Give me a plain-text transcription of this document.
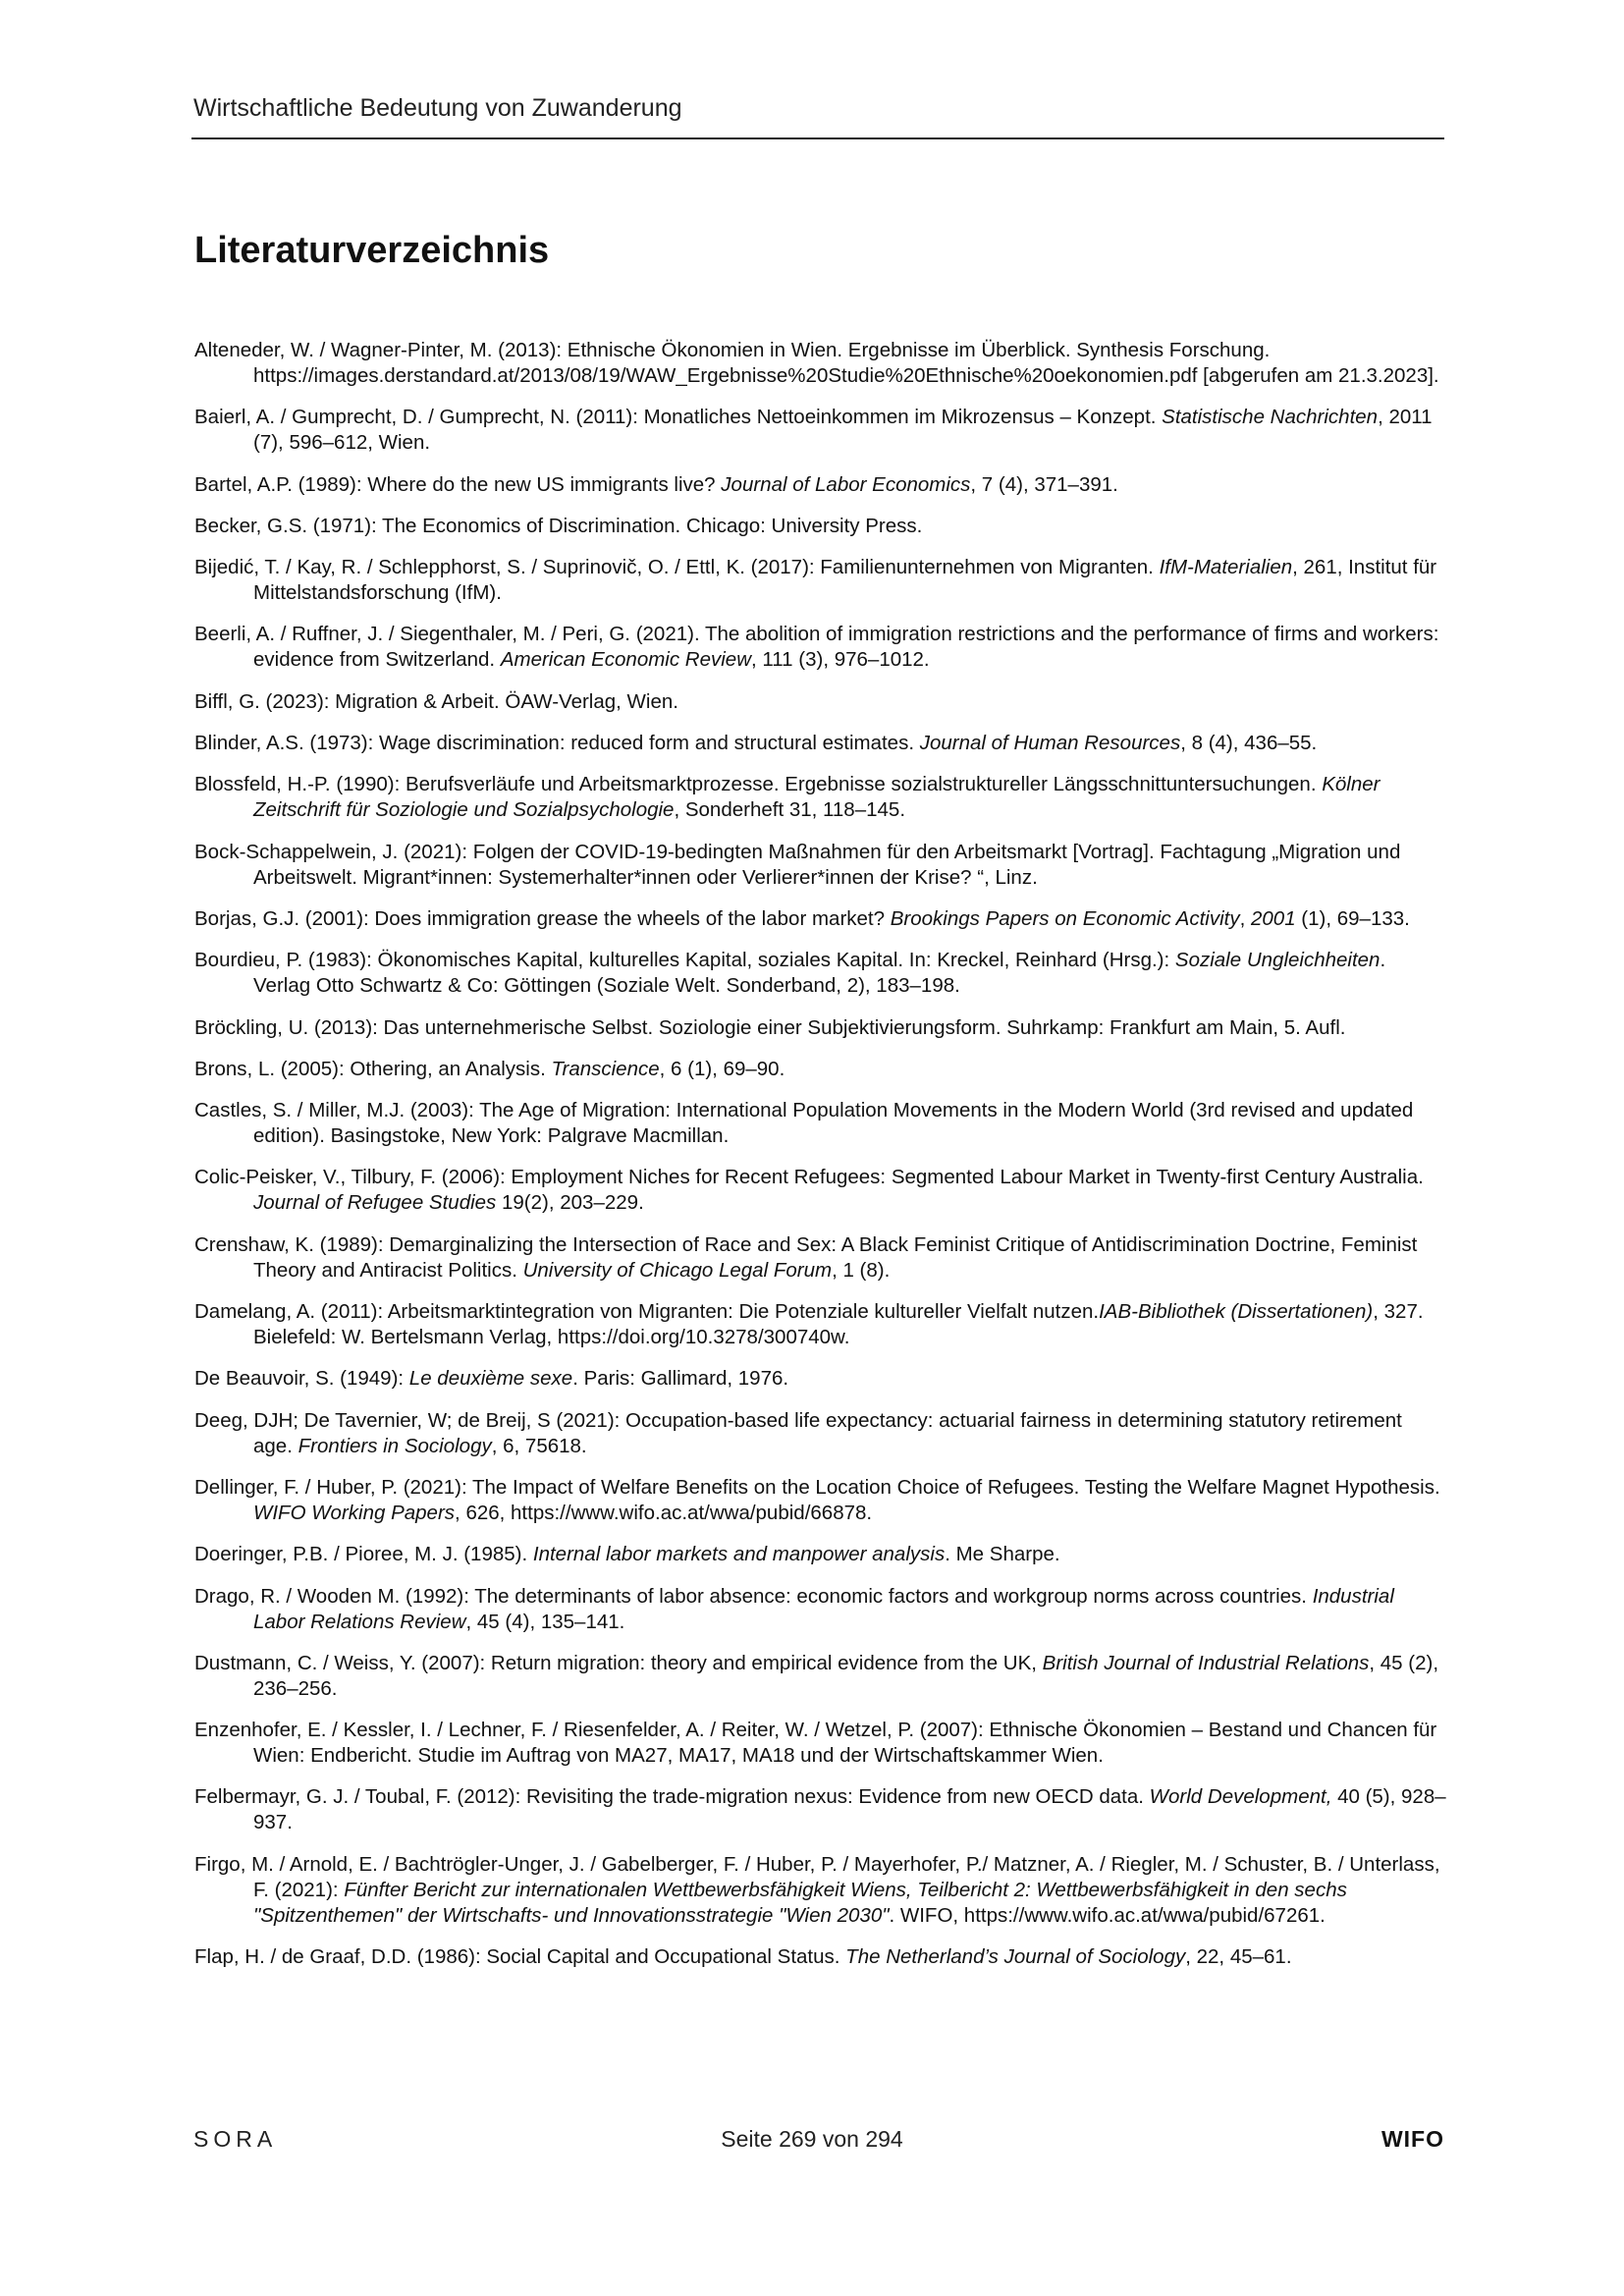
Wirtschaftliche Bedeutung von Zuwanderung
Literaturverzeichnis
Alteneder, W. / Wagner-Pinter, M. (2013): Ethnische Ökonomien in Wien. Ergebnisse im Überblick. Synthesis Forschung. https://images.derstandard.at/2013/08/19/WAW_Ergebnisse%20Studie%20Ethnische%20oekonomien.pdf [abgerufen am 21.3.2023].
Baierl, A. / Gumprecht, D. / Gumprecht, N. (2011): Monatliches Nettoeinkommen im Mikrozensus – Konzept. Statistische Nachrichten, 2011 (7), 596–612, Wien.
Bartel, A.P. (1989): Where do the new US immigrants live? Journal of Labor Economics, 7 (4), 371–391.
Becker, G.S. (1971): The Economics of Discrimination. Chicago: University Press.
Bijedić, T. / Kay, R. / Schlepphorst, S. / Suprinovič, O. / Ettl, K. (2017): Familienunternehmen von Migranten. IfM-Materialien, 261, Institut für Mittelstandsforschung (IfM).
Beerli, A. / Ruffner, J. / Siegenthaler, M. / Peri, G. (2021). The abolition of immigration restrictions and the performance of firms and workers: evidence from Switzerland. American Economic Review, 111 (3), 976–1012.
Biffl, G. (2023): Migration & Arbeit. ÖAW-Verlag, Wien.
Blinder, A.S. (1973): Wage discrimination: reduced form and structural estimates. Journal of Human Resources, 8 (4), 436–55.
Blossfeld, H.-P. (1990): Berufsverläufe und Arbeitsmarktprozesse. Ergebnisse sozialstruktureller Längsschnittuntersuchungen. Kölner Zeitschrift für Soziologie und Sozialpsychologie, Sonderheft 31, 118–145.
Bock-Schappelwein, J. (2021): Folgen der COVID-19-bedingten Maßnahmen für den Arbeitsmarkt [Vortrag]. Fachtagung „Migration und Arbeitswelt. Migrant*innen: Systemerhalter*innen oder Verlierer*innen der Krise? “, Linz.
Borjas, G.J. (2001): Does immigration grease the wheels of the labor market? Brookings Papers on Economic Activity, 2001 (1), 69–133.
Bourdieu, P. (1983): Ökonomisches Kapital, kulturelles Kapital, soziales Kapital. In: Kreckel, Reinhard (Hrsg.): Soziale Ungleichheiten. Verlag Otto Schwartz & Co: Göttingen (Soziale Welt. Sonderband, 2), 183–198.
Bröckling, U. (2013): Das unternehmerische Selbst. Soziologie einer Subjektivierungsform. Suhrkamp: Frankfurt am Main, 5. Aufl.
Brons, L. (2005): Othering, an Analysis. Transcience, 6 (1), 69–90.
Castles, S. / Miller, M.J. (2003): The Age of Migration: International Population Movements in the Modern World (3rd revised and updated edition). Basingstoke, New York: Palgrave Macmillan.
Colic-Peisker, V., Tilbury, F. (2006): Employment Niches for Recent Refugees: Segmented Labour Market in Twenty-first Century Australia. Journal of Refugee Studies 19(2), 203–229.
Crenshaw, K. (1989): Demarginalizing the Intersection of Race and Sex: A Black Feminist Critique of Antidiscrimination Doctrine, Feminist Theory and Antiracist Politics. University of Chicago Legal Forum, 1 (8).
Damelang, A. (2011): Arbeitsmarktintegration von Migranten: Die Potenziale kultureller Vielfalt nutzen.IAB-Bibliothek (Dissertationen), 327. Bielefeld: W. Bertelsmann Verlag, https://doi.org/10.3278/300740w.
De Beauvoir, S. (1949): Le deuxième sexe. Paris: Gallimard, 1976.
Deeg, DJH; De Tavernier, W; de Breij, S (2021): Occupation-based life expectancy: actuarial fairness in determining statutory retirement age. Frontiers in Sociology, 6, 75618.
Dellinger, F. / Huber, P. (2021): The Impact of Welfare Benefits on the Location Choice of Refugees. Testing the Welfare Magnet Hypothesis. WIFO Working Papers, 626, https://www.wifo.ac.at/wwa/pubid/66878.
Doeringer, P.B. / Pioree, M. J. (1985). Internal labor markets and manpower analysis. Me Sharpe.
Drago, R. / Wooden M. (1992): The determinants of labor absence: economic factors and workgroup norms across countries. Industrial Labor Relations Review, 45 (4), 135–141.
Dustmann, C. / Weiss, Y. (2007): Return migration: theory and empirical evidence from the UK, British Journal of Industrial Relations, 45 (2), 236–256.
Enzenhofer, E. / Kessler, I. / Lechner, F. / Riesenfelder, A. / Reiter, W. / Wetzel, P. (2007): Ethnische Ökonomien – Bestand und Chancen für Wien: Endbericht. Studie im Auftrag von MA27, MA17, MA18 und der Wirtschaftskammer Wien.
Felbermayr, G. J. / Toubal, F. (2012): Revisiting the trade-migration nexus: Evidence from new OECD data. World Development, 40 (5), 928–937.
Firgo, M. / Arnold, E. / Bachtrögler-Unger, J. / Gabelberger, F. / Huber, P. / Mayerhofer, P./ Matzner, A. / Riegler, M. / Schuster, B. / Unterlass, F. (2021): Fünfter Bericht zur internationalen Wettbewerbsfähigkeit Wiens, Teilbericht 2: Wettbewerbsfähigkeit in den sechs "Spitzenthemen" der Wirtschafts- und Innovationsstrategie "Wien 2030". WIFO, https://www.wifo.ac.at/wwa/pubid/67261.
Flap, H. / de Graaf, D.D. (1986): Social Capital and Occupational Status. The Netherland’s Journal of Sociology, 22, 45–61.
SORA	Seite 269 von 294	WIFO
